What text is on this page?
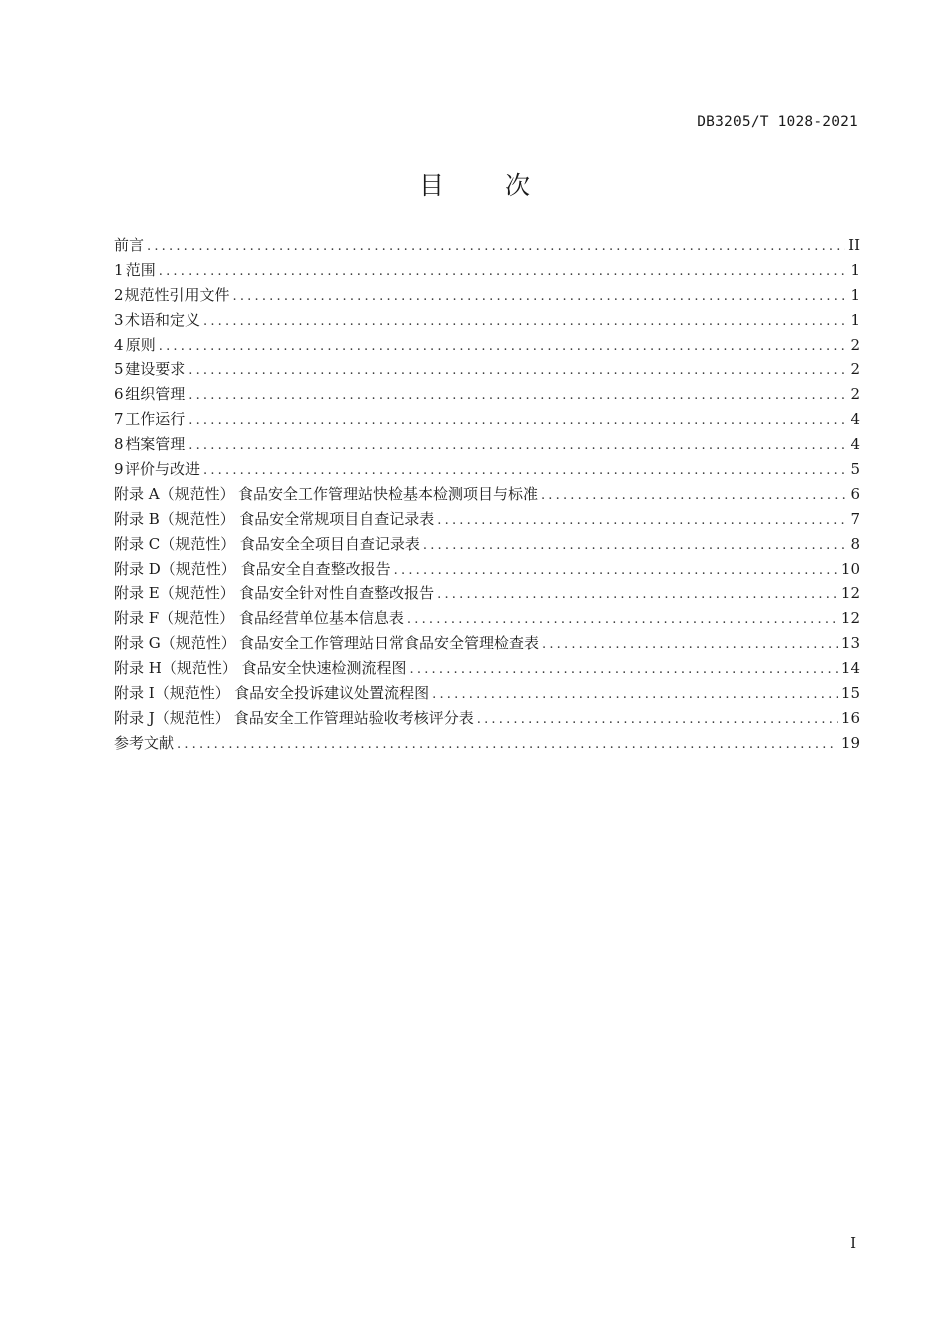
DB3205/T 1028-2021
目 次
前言 .....	II
1 范围 .....	1
2 规范性引用文件 .....	1
3 术语和定义 .....	1
4 原则 .....	2
5 建设要求 .....	2
6 组织管理 .....	2
7 工作运行 .....	4
8 档案管理 .....	4
9 评价与改进 .....	5
附录 A（规范性） 食品安全工作管理站快检基本检测项目与标准 .....	6
附录 B（规范性） 食品安全常规项目自查记录表 .....	7
附录 C（规范性） 食品安全全项目自查记录表 .....	8
附录 D（规范性） 食品安全自查整改报告 .....	10
附录 E（规范性） 食品安全针对性自查整改报告 .....	12
附录 F（规范性） 食品经营单位基本信息表 .....	12
附录 G（规范性） 食品安全工作管理站日常食品安全管理检查表 .....	13
附录 H（规范性） 食品安全快速检测流程图 .....	14
附录 I（规范性） 食品安全投诉建议处置流程图 .....	15
附录 J（规范性） 食品安全工作管理站验收考核评分表 .....	16
参考文献 .....	19
I
